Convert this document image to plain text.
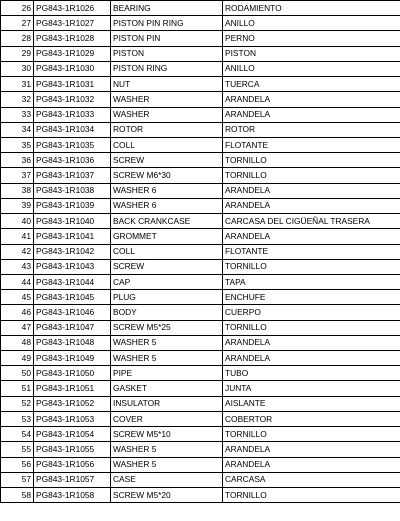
26	PG843-1R1026	BEARING	RODAMIENTO
27	PG843-1R1027	PISTON PIN RING	ANILLO
28	PG843-1R1028	PISTON PIN	PERNO
29	PG843-1R1029	PISTON	PISTON
30	PG843-1R1030	PISTON RING	ANILLO
31	PG843-1R1031	NUT	TUERCA
32	PG843-1R1032	WASHER	ARANDELA
33	PG843-1R1033	WASHER	ARANDELA
34	PG843-1R1034	ROTOR	ROTOR
35	PG843-1R1035	COLL	FLOTANTE
36	PG843-1R1036	SCREW	TORNILLO
37	PG843-1R1037	SCREW M6*30	TORNILLO
38	PG843-1R1038	WASHER 6	ARANDELA
39	PG843-1R1039	WASHER 6	ARANDELA
40	PG843-1R1040	BACK CRANKCASE	CARCASA DEL CIGÜEÑAL TRASERA
41	PG843-1R1041	GROMMET	ARANDELA
42	PG843-1R1042	COLL	FLOTANTE
43	PG843-1R1043	SCREW	TORNILLO
44	PG843-1R1044	CAP	TAPA
45	PG843-1R1045	PLUG	ENCHUFE
46	PG843-1R1046	BODY	CUERPO
47	PG843-1R1047	SCREW M5*25	TORNILLO
48	PG843-1R1048	WASHER 5	ARANDELA
49	PG843-1R1049	WASHER 5	ARANDELA
50	PG843-1R1050	PIPE	TUBO
51	PG843-1R1051	GASKET	JUNTA
52	PG843-1R1052	INSULATOR	AISLANTE
53	PG843-1R1053	COVER	COBERTOR
54	PG843-1R1054	SCREW M5*10	TORNILLO
55	PG843-1R1055	WASHER 5	ARANDELA
56	PG843-1R1056	WASHER 5	ARANDELA
57	PG843-1R1057	CASE	CARCASA
58	PG843-1R1058	SCREW M5*20	TORNILLO
